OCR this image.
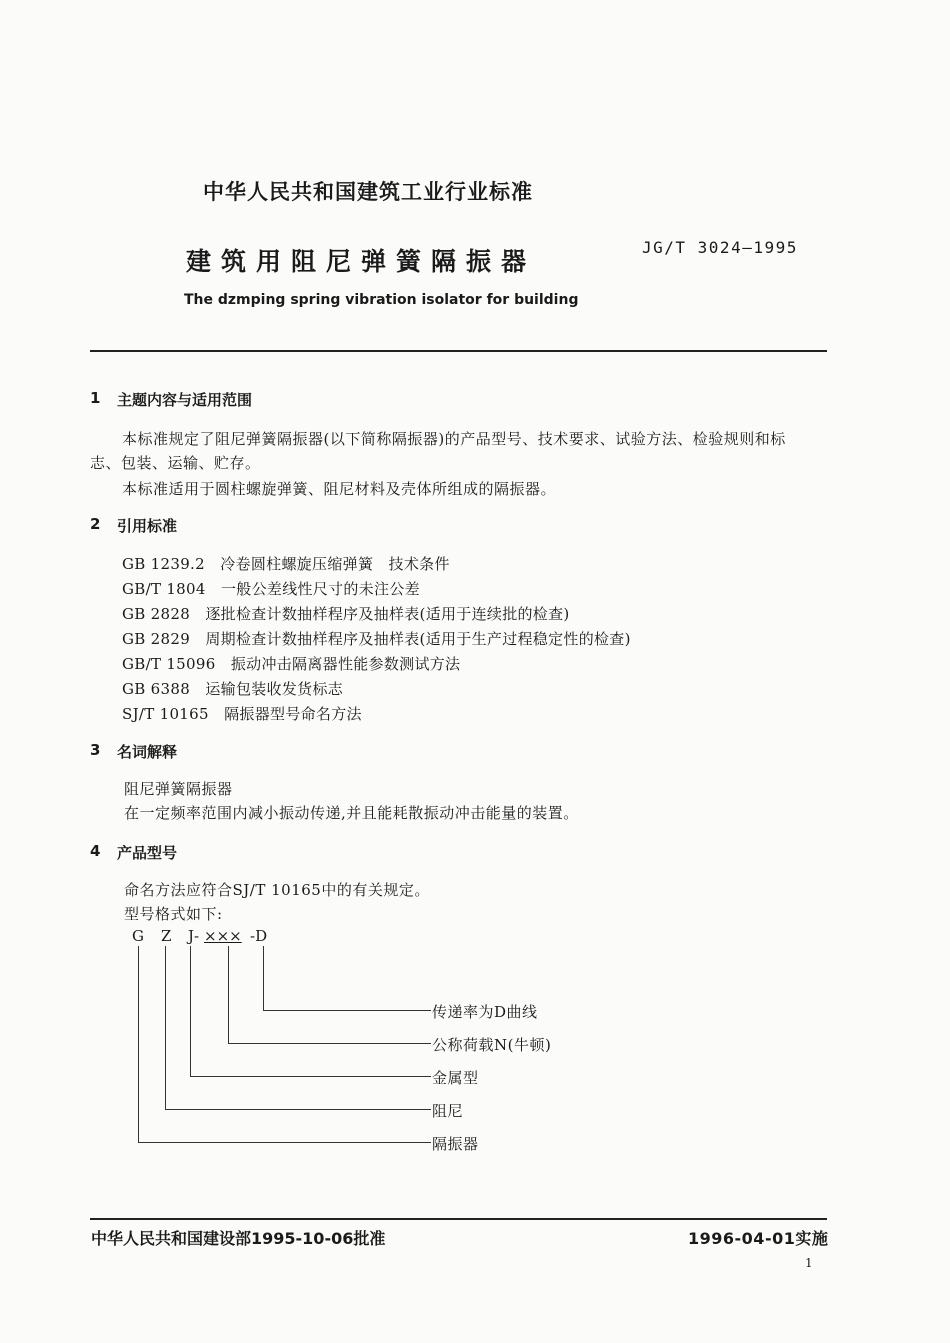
中华人民共和国建筑工业行业标准
建筑用阻尼弹簧隔振器	JG/T 3024—1995
The dzmping spring vibration isolator for building
1 主题内容与适用范围
本标准规定了阻尼弹簧隔振器(以下简称隔振器)的产品型号、技术要求、试验方法、检验规则和标
志、包装、运输、贮存。
本标准适用于圆柱螺旋弹簧、阻尼材料及壳体所组成的隔振器。
2 引用标准
GB 1239.2　冷卷圆柱螺旋压缩弹簧　技术条件
GB/T 1804　一般公差线性尺寸的未注公差
GB 2828　逐批检查计数抽样程序及抽样表(适用于连续批的检查)
GB 2829　周期检查计数抽样程序及抽样表(适用于生产过程稳定性的检查)
GB/T 15096　振动冲击隔离器性能参数测试方法
GB 6388　运输包装收发货标志
SJ/T 10165　隔振器型号命名方法
3 名词解释
阻尼弹簧隔振器
在一定频率范围内减小振动传递,并且能耗散振动冲击能量的装置。
4 产品型号
命名方法应符合SJ/T 10165中的有关规定。
型号格式如下:
G Z J- ××× -D
传递率为D曲线
公称荷载N(牛顿)
金属型
阻尼
隔振器
中华人民共和国建设部1995-10-06批准	1996-04-01实施
1
